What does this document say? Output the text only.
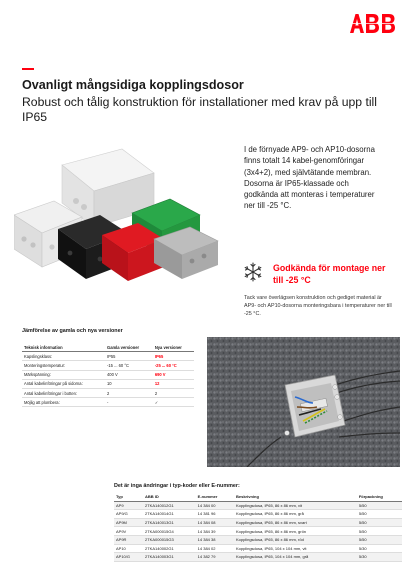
Ovanligt mångsidiga kopplingsdosor
Robust och tålig konstruktion för installationer med krav på upp till IP65
I de förnyade AP9- och AP10-dosorna finns totalt 14 kabel-genomföringar (3x4+2), med självtätande membran. Dosorna är IP65-klassade och godkända att monteras i temperaturer ner till -25 °C.
Godkända för montage ner till -25 °C
Tack vare överlägsen konstruktion och gediget material är AP9- och AP10-dosorna monteringsbara i temperaturer ner till -25 °C.
Jämförelse av gamla och nya versioner
Teknisk information	Gamla versioner	Nya versioner
Kapslingsklass:	IP55	IP65
Monteringstemperatur:	-15 ... 60 °C	-25 ... 60 °C
Märkspänning:	400 V	690 V
Antal kabelinföringar på sidorna:	10	12
Antal kabelinföringar i botten:	2	2
Möjlig att plombera:	-	✓
Det är inga ändringar i typ-koder eller E-nummer:
Typ	ABB ID	E-nummer	Beskrivning	Förpackning
AP9	2TKA140012G1	14 384 00	Kopplingsdosa, IP65, 86 x 86 mm, vit	5/50
AP9/G	2TKA140014G1	14 381 96	Kopplingsdosa, IP65, 86 x 86 mm, grå	5/50
AP9M	2TKA140013G1	14 384 08	Kopplingsdosa, IP65, 86 x 86 mm, svart	5/50
AP9V	2TKA000015G4	14 384 39	Kopplingsdosa, IP65, 86 x 86 mm, grön	5/50
AP9R	2TKA000015G3	14 384 38	Kopplingsdosa, IP65, 86 x 86 mm, röd	5/50
AP10	2TKA140002G1	14 384 02	Kopplingsdosa, IP65, 104 x 104 mm, vit	5/30
AP10/G	2TKA140003G1	14 382 79	Kopplingsdosa, IP65, 104 x 104 mm, grå	5/30
